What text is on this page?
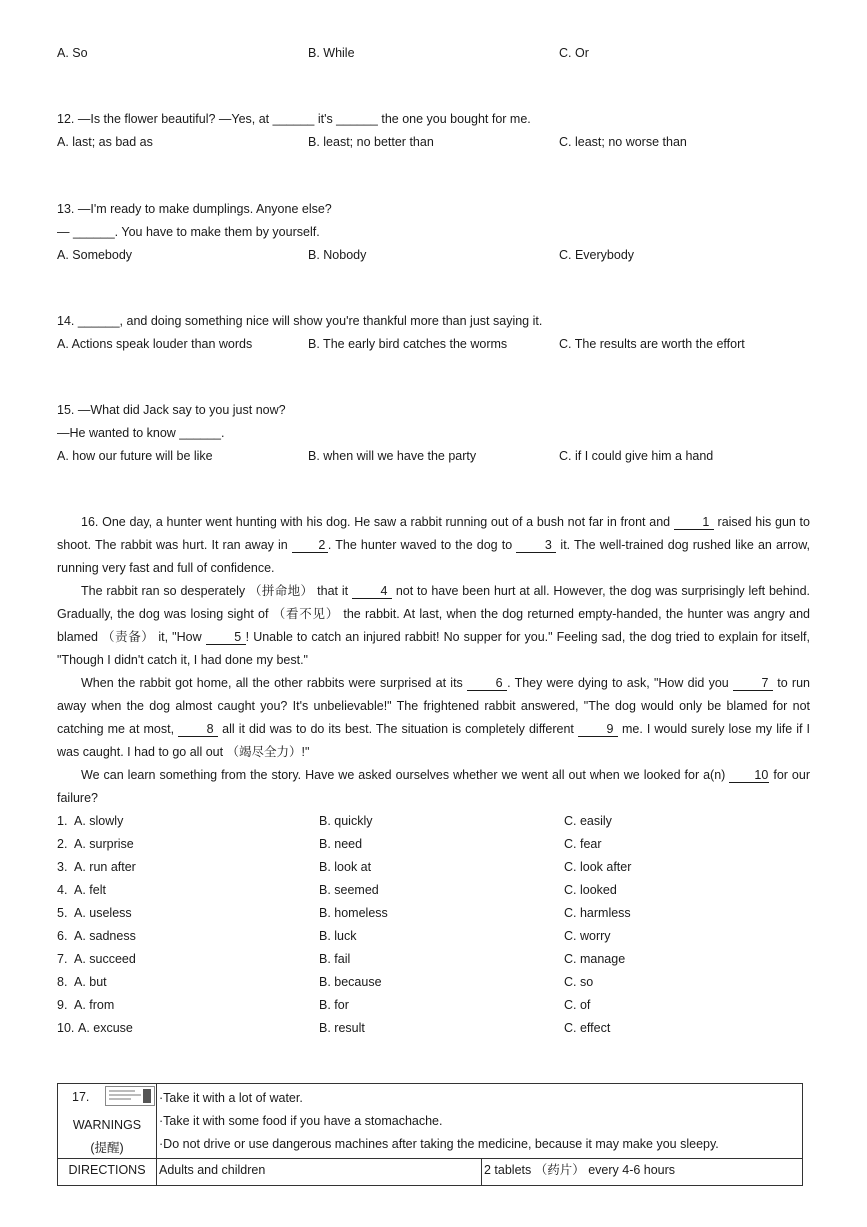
A. So	B. While	C. Or
12. —Is the flower beautiful? —Yes, at ______ it's ______ the one you bought for me.
A. last; as bad as	B. least; no better than	C. least; no worse than
13. —I'm ready to make dumplings. Anyone else?
— ______. You have to make them by yourself.
A. Somebody	B. Nobody	C. Everybody
14. ______, and doing something nice will show you're thankful more than just saying it.
A. Actions speak louder than words	B. The early bird catches the worms	C. The results are worth the effort
15. —What did Jack say to you just now?
—He wanted to know ______.
A. how our future will be like	B. when will we have the party	C. if I could give him a hand

16. One day, a hunter went hunting with his dog. He saw a rabbit running out of a bush not far in front and 1 raised his gun to shoot. The rabbit was hurt. It ran away in 2 . The hunter waved to the dog to 3 it. The well-trained dog rushed like an arrow, running very fast and full of confidence.

The rabbit ran so desperately （拼命地） that it 4 not to have been hurt at all. However, the dog was surprisingly left behind. Gradually, the dog was losing sight of （看不见） the rabbit. At last, when the dog returned empty-handed, the hunter was angry and blamed （责备） it, "How 5 ! Unable to catch an injured rabbit! No supper for you." Feeling sad, the dog tried to explain for itself, "Though I didn't catch it, I had done my best."

When the rabbit got home, all the other rabbits were surprised at its 6 . They were dying to ask, "How did you 7 to run away when the dog almost caught you? It's unbelievable!" The frightened rabbit answered, "The dog would only be blamed for not catching me at most, 8 all it did was to do its best. The situation is completely different 9 me. I would surely lose my life if I was caught. I had to go all out （竭尽全力）!"

We can learn something from the story. Have we asked ourselves whether we went all out when we looked for a(n) 10 for our failure?

1. A. slowly	B. quickly	C. easily
2. A. surprise	B. need	C. fear
3. A. run after	B. look at	C. look after
4. A. felt	B. seemed	C. looked
5. A. useless	B. homeless	C. harmless
6. A. sadness	B. luck	C. worry
7. A. succeed	B. fail	C. manage
8. A. but	B. because	C. so
9. A. from	B. for	C. of
10. A. excuse	B. result	C. effect
17.
WARNINGS
(提醒)	·Take it with a lot of water.
·Take it with some food if you have a stomachache.
·Do not drive or use dangerous machines after taking the medicine, because it may make you sleepy.	

DIRECTIONS	Adults and children	2 tablets （药片） every 4-6 hours
